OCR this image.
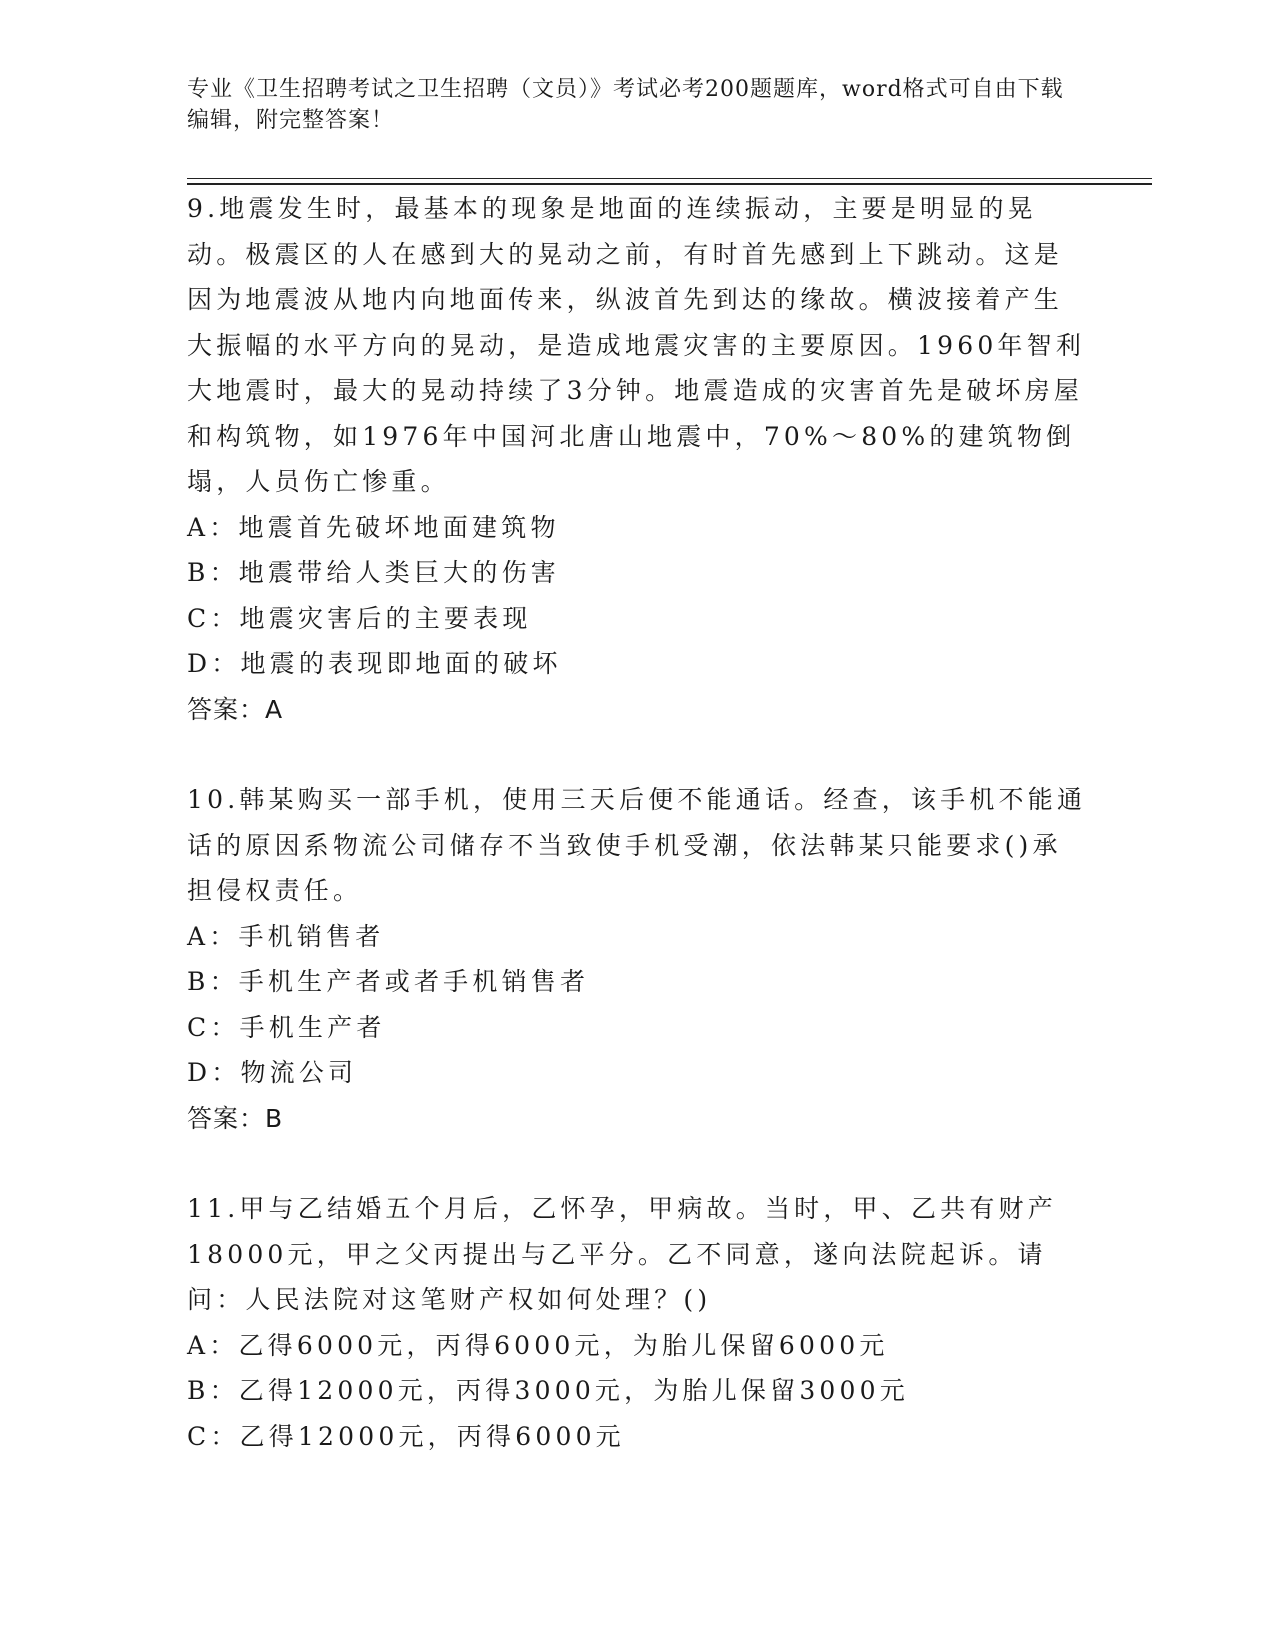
专业《卫生招聘考试之卫生招聘（文员）》考试必考200题题库，word格式可自由下载编辑，附完整答案！
9.地震发生时，最基本的现象是地面的连续振动，主要是明显的晃动。极震区的人在感到大的晃动之前，有时首先感到上下跳动。这是因为地震波从地内向地面传来，纵波首先到达的缘故。横波接着产生大振幅的水平方向的晃动，是造成地震灾害的主要原因。1960年智利大地震时，最大的晃动持续了3分钟。地震造成的灾害首先是破坏房屋和构筑物，如1976年中国河北唐山地震中，70%～80%的建筑物倒塌，人员伤亡惨重。
A：地震首先破坏地面建筑物
B：地震带给人类巨大的伤害
C：地震灾害后的主要表现
D：地震的表现即地面的破坏
答案：A
10.韩某购买一部手机，使用三天后便不能通话。经查，该手机不能通话的原因系物流公司储存不当致使手机受潮，依法韩某只能要求()承担侵权责任。
A：手机销售者
B：手机生产者或者手机销售者
C：手机生产者
D：物流公司
答案：B
11.甲与乙结婚五个月后，乙怀孕，甲病故。当时，甲、乙共有财产18000元，甲之父丙提出与乙平分。乙不同意，遂向法院起诉。请问：人民法院对这笔财产权如何处理？()
A：乙得6000元，丙得6000元，为胎儿保留6000元
B：乙得12000元，丙得3000元，为胎儿保留3000元
C：乙得12000元，丙得6000元
